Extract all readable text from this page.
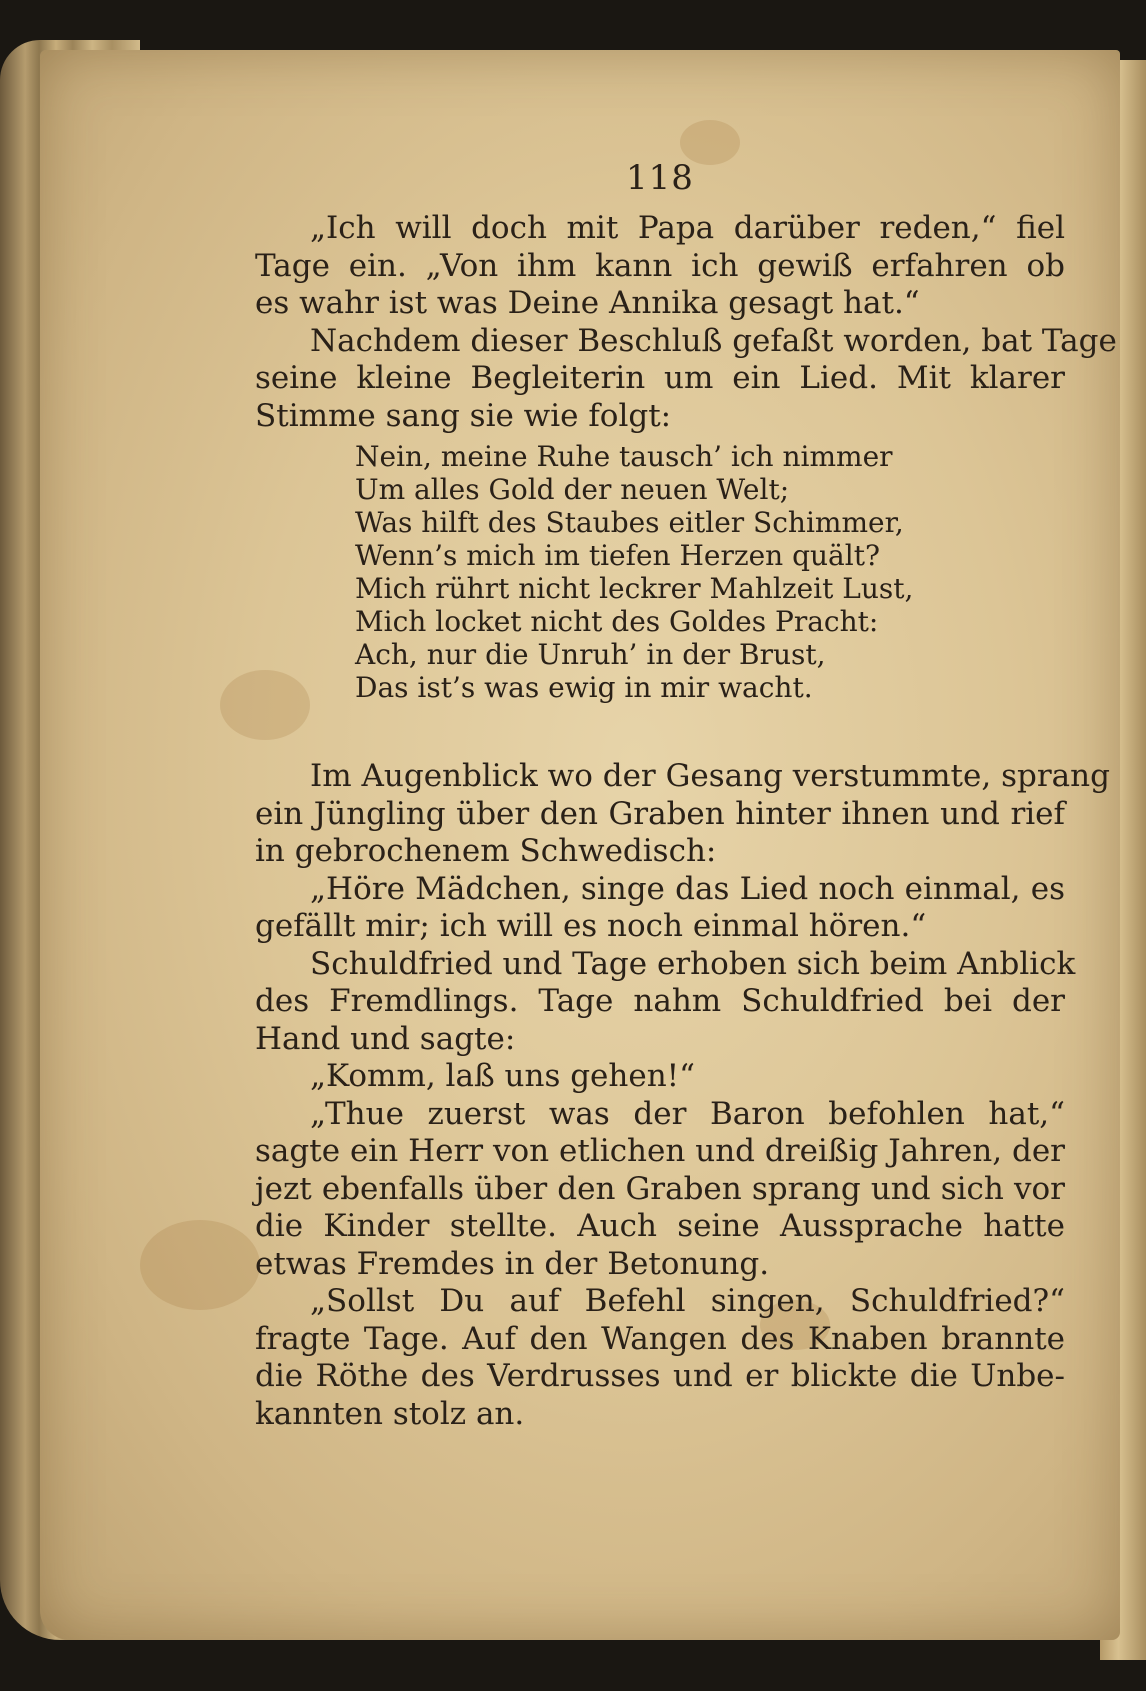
118
„Ich will doch mit Papa darüber reden,“ fiel
Tage ein. „Von ihm kann ich gewiß erfahren ob
es wahr ist was Deine Annika gesagt hat.“
Nachdem dieser Beschluß gefaßt worden, bat Tage
seine kleine Begleiterin um ein Lied. Mit klarer
Stimme sang sie wie folgt:
Nein, meine Ruhe tausch’ ich nimmer
Um alles Gold der neuen Welt;
Was hilft des Staubes eitler Schimmer,
Wenn’s mich im tiefen Herzen quält?
Mich rührt nicht leckrer Mahlzeit Lust,
Mich locket nicht des Goldes Pracht:
Ach, nur die Unruh’ in der Brust,
Das ist’s was ewig in mir wacht.
Im Augenblick wo der Gesang verstummte, sprang
ein Jüngling über den Graben hinter ihnen und rief
in gebrochenem Schwedisch:
„Höre Mädchen, singe das Lied noch einmal, es
gefällt mir; ich will es noch einmal hören.“
Schuldfried und Tage erhoben sich beim Anblick
des Fremdlings. Tage nahm Schuldfried bei der
Hand und sagte:
„Komm, laß uns gehen!“
„Thue zuerst was der Baron befohlen hat,“
sagte ein Herr von etlichen und dreißig Jahren, der
jezt ebenfalls über den Graben sprang und sich vor
die Kinder stellte. Auch seine Aussprache hatte
etwas Fremdes in der Betonung.
„Sollst Du auf Befehl singen, Schuldfried?“
fragte Tage. Auf den Wangen des Knaben brannte
die Röthe des Verdrusses und er blickte die Unbe-
kannten stolz an.
